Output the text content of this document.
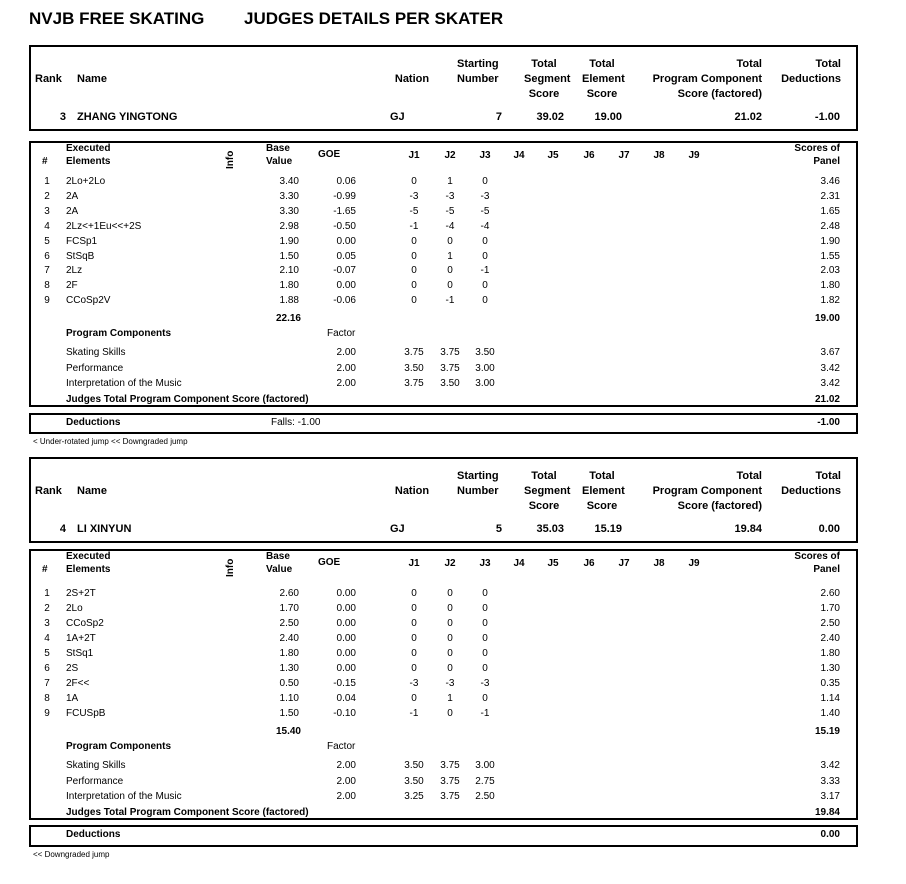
NVJB FREE SKATING JUDGES DETAILS PER SKATER
Rank Name	Nation
Starting
Number
Total
Segment
Score
Total
Element
Score
Total
Program Component
Score (factored)
Total
Deductions
3 ZHANG YINGTONG	GJ	7	39.02	19.00	21.02	-1.00
#
Executed
Elements	Info
Base
Value
GOE	J1	J2	J3	J4	J5	J6	J7	J8	J9
Scores of
Panel
1	2Lo+2Lo	3.40	0.06	0	1	0	3.46
2	2A	3.30	-0.99	-3	-3	-3	2.31
3	2A	3.30	-1.65	-5	-5	-5	1.65
4	2Lz<+1Eu<<+2S	2.98	-0.50	-1	-4	-4	2.48
5	FCSp1	1.90	0.00	0	0	0	1.90
6	StSqB	1.50	0.05	0	1	0	1.55
7	2Lz	2.10	-0.07	0	0	-1	2.03
8	2F	1.80	0.00	0	0	0	1.80
9	CCoSp2V	1.88	-0.06	0	-1	0	1.82
22.16	19.00
Program Components	Factor
Skating Skills	2.00	3.75	3.75	3.50	3.67
Performance	2.00	3.50	3.75	3.00	3.42
Interpretation of the Music	2.00	3.75	3.50	3.00	3.42
Judges Total Program Component Score (factored)	21.02
Deductions	Falls: -1.00	-1.00
< Under-rotated jump << Downgraded jump
Rank Name	Nation
Starting
Number
Total
Segment
Score
Total
Element
Score
Total
Program Component
Score (factored)
Total
Deductions
4 LI XINYUN	GJ	5	35.03	15.19	19.84	0.00
#
Executed
Elements	Info
Base
Value
GOE	J1	J2	J3	J4	J5	J6	J7	J8	J9
Scores of
Panel
1	2S+2T	2.60	0.00	0	0	0	2.60
2	2Lo	1.70	0.00	0	0	0	1.70
3	CCoSp2	2.50	0.00	0	0	0	2.50
4	1A+2T	2.40	0.00	0	0	0	2.40
5	StSq1	1.80	0.00	0	0	0	1.80
6	2S	1.30	0.00	0	0	0	1.30
7	2F<<	0.50	-0.15	-3	-3	-3	0.35
8	1A	1.10	0.04	0	1	0	1.14
9	FCUSpB	1.50	-0.10	-1	0	-1	1.40
15.40	15.19
Program Components	Factor
Skating Skills	2.00	3.50	3.75	3.00	3.42
Performance	2.00	3.50	3.75	2.75	3.33
Interpretation of the Music	2.00	3.25	3.75	2.50	3.17
Judges Total Program Component Score (factored)	19.84
Deductions	0.00
<< Downgraded jump
